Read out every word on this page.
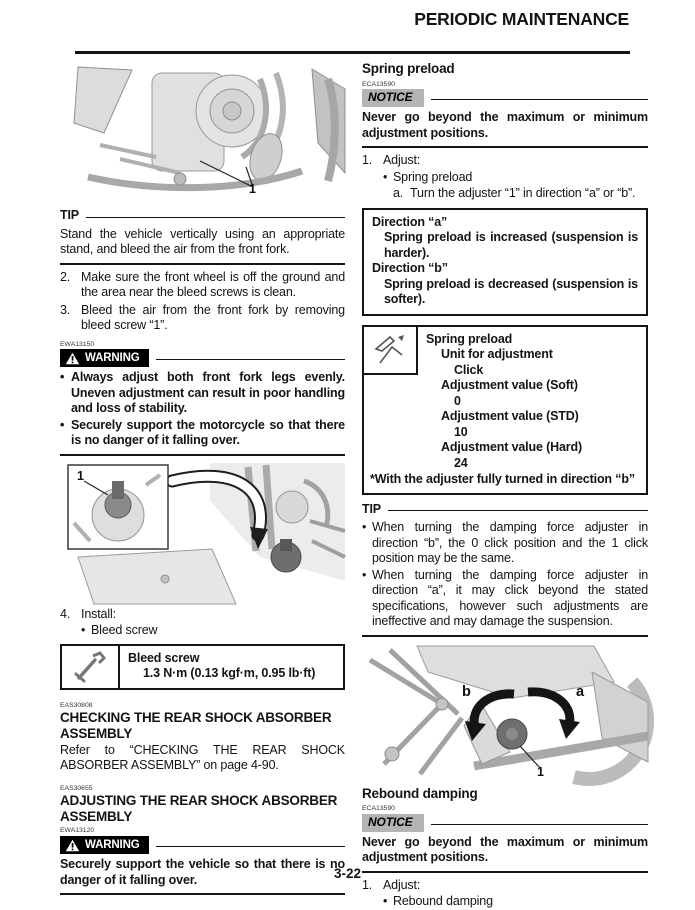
PERIODIC MAINTENANCE
1
TIP
Stand the vehicle vertically using an appropriate stand, and bleed the air from the front fork.
2. Make sure the front wheel is off the ground and the area near the bleed screws is clean.
3. Bleed the air from the front fork by removing bleed screw “1”.
EWA13150
WARNING
• Always adjust both front fork legs evenly. Uneven adjustment can result in poor handling and loss of stability.
• Securely support the motorcycle so that there is no danger of it falling over.
1
4. Install:
• Bleed screw
Bleed screw
1.3 N·m (0.13 kgf·m, 0.95 lb·ft)
EAS30808
CHECKING THE REAR SHOCK ABSORBER ASSEMBLY
Refer to “CHECKING THE REAR SHOCK ABSORBER ASSEMBLY” on page 4-90.
EAS30655
ADJUSTING THE REAR SHOCK ABSORBER ASSEMBLY
EWA13120
WARNING
Securely support the vehicle so that there is no danger of it falling over.
Spring preload
ECA13590
NOTICE
Never go beyond the maximum or minimum adjustment positions.
1. Adjust:
• Spring preload
a. Turn the adjuster “1” in direction “a” or “b”.
Direction “a”
Spring preload is increased (suspension is harder).
Direction “b”
Spring preload is decreased (suspension is softer).
Spring preload
Unit for adjustment
Click
Adjustment value (Soft)
0
Adjustment value (STD)
10
Adjustment value (Hard)
24
*With the adjuster fully turned in direction “b”
TIP
• When turning the damping force adjuster in direction “b”, the 0 click position and the 1 click position may be the same.
• When turning the damping force adjuster in direction “a”, it may click beyond the stated specifications, however such adjustments are ineffective and may damage the suspension.
b	a
1
Rebound damping
ECA13590
NOTICE
Never go beyond the maximum or minimum adjustment positions.
1. Adjust:
• Rebound damping
3-22
